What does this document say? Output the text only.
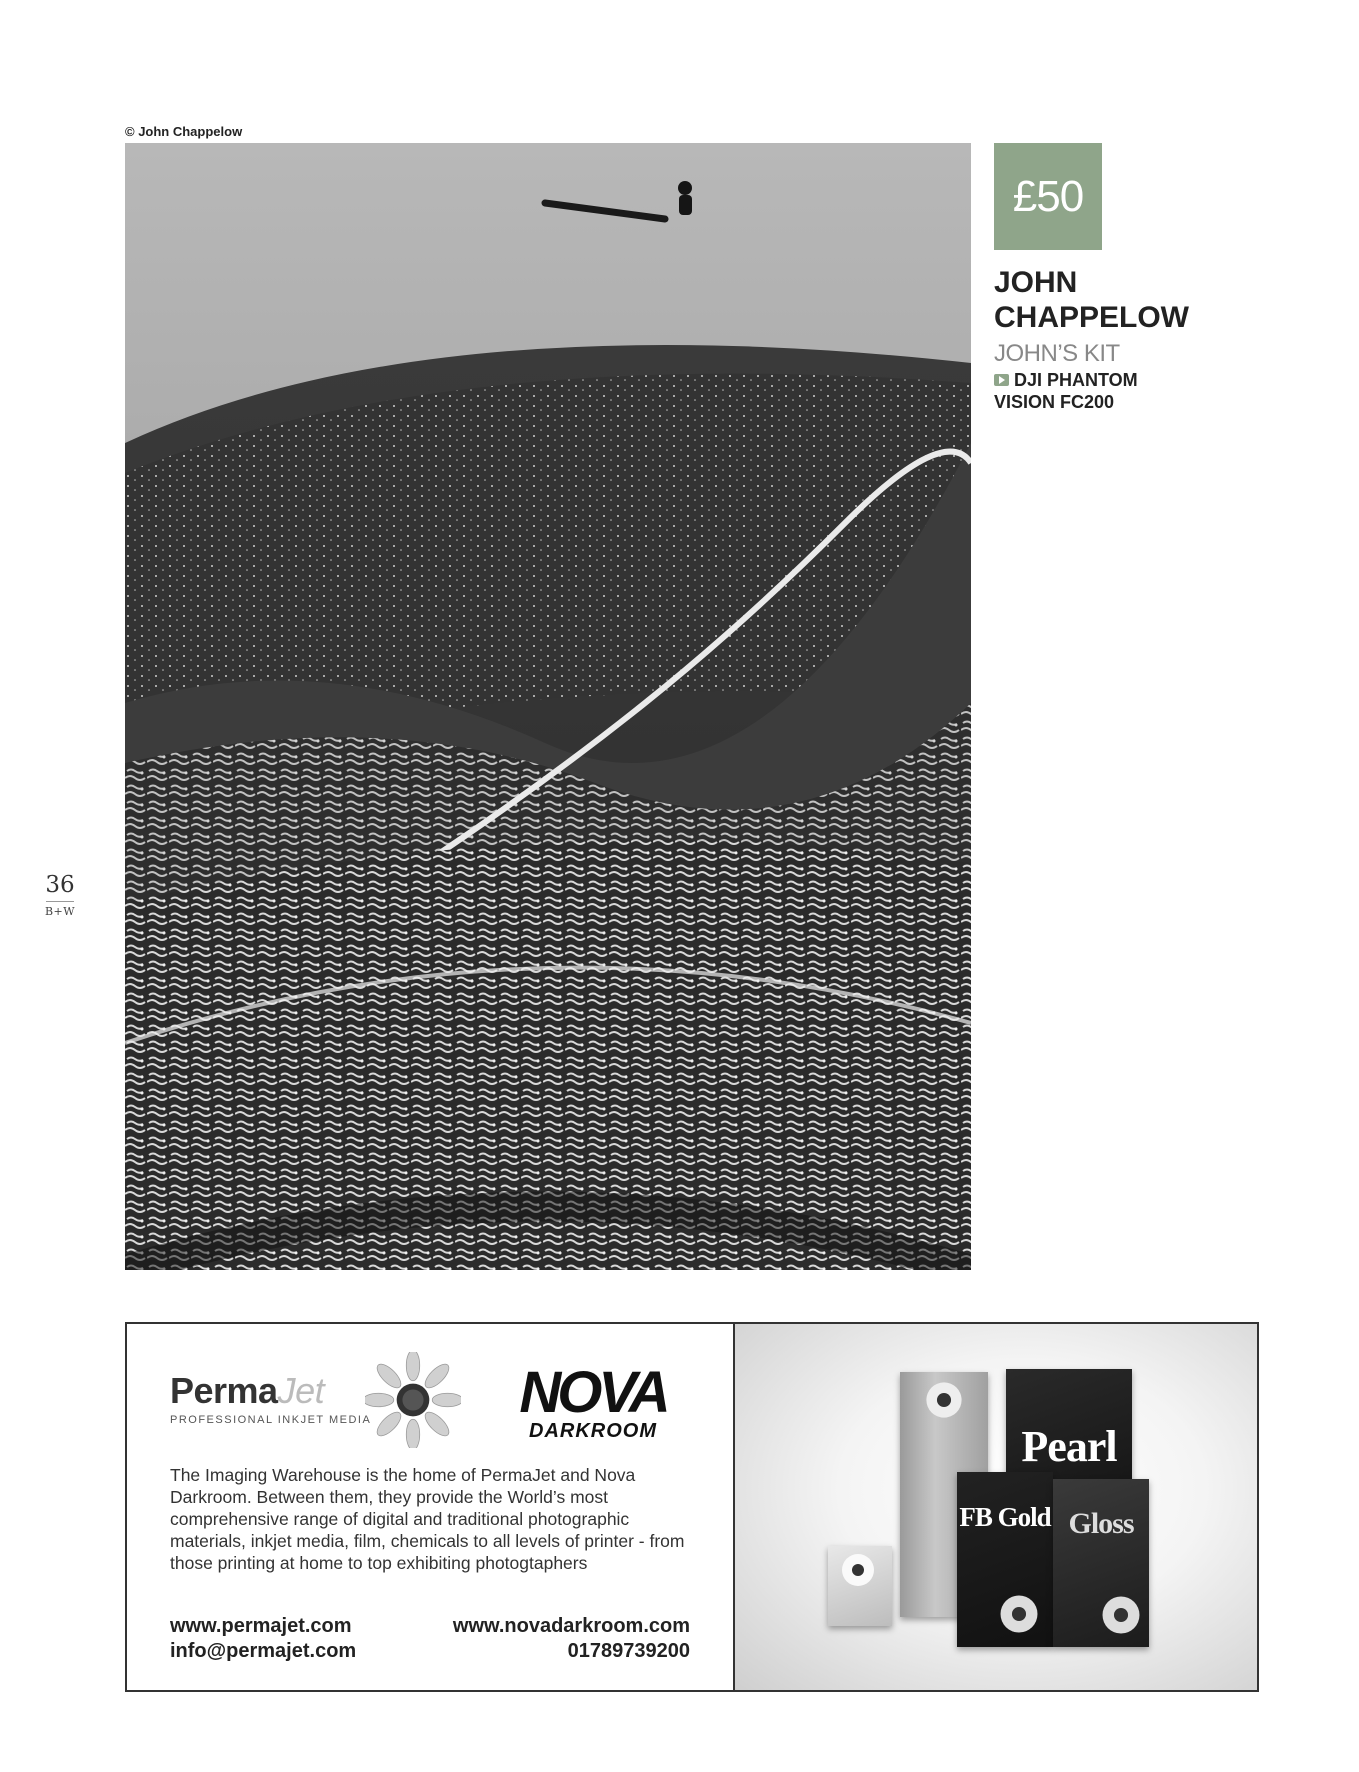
© John Chappelow
£50
JOHN
CHAPPELOW
JOHN’S KIT
DJI PHANTOM
VISION FC200
36
B+W
PermaJet
PROFESSIONAL INKJET MEDIA	NOVA
DARKROOM
The Imaging Warehouse is the home of PermaJet and Nova Darkroom. Between them, they provide the World’s most comprehensive range of digital and traditional photographic materials, inkjet media, film, chemicals to all levels of printer - from those printing at home to top exhibiting photogtaphers
www.permajet.com
info@permajet.com
www.novadarkroom.com
01789739200
Pearl
FB Gold Gloss
